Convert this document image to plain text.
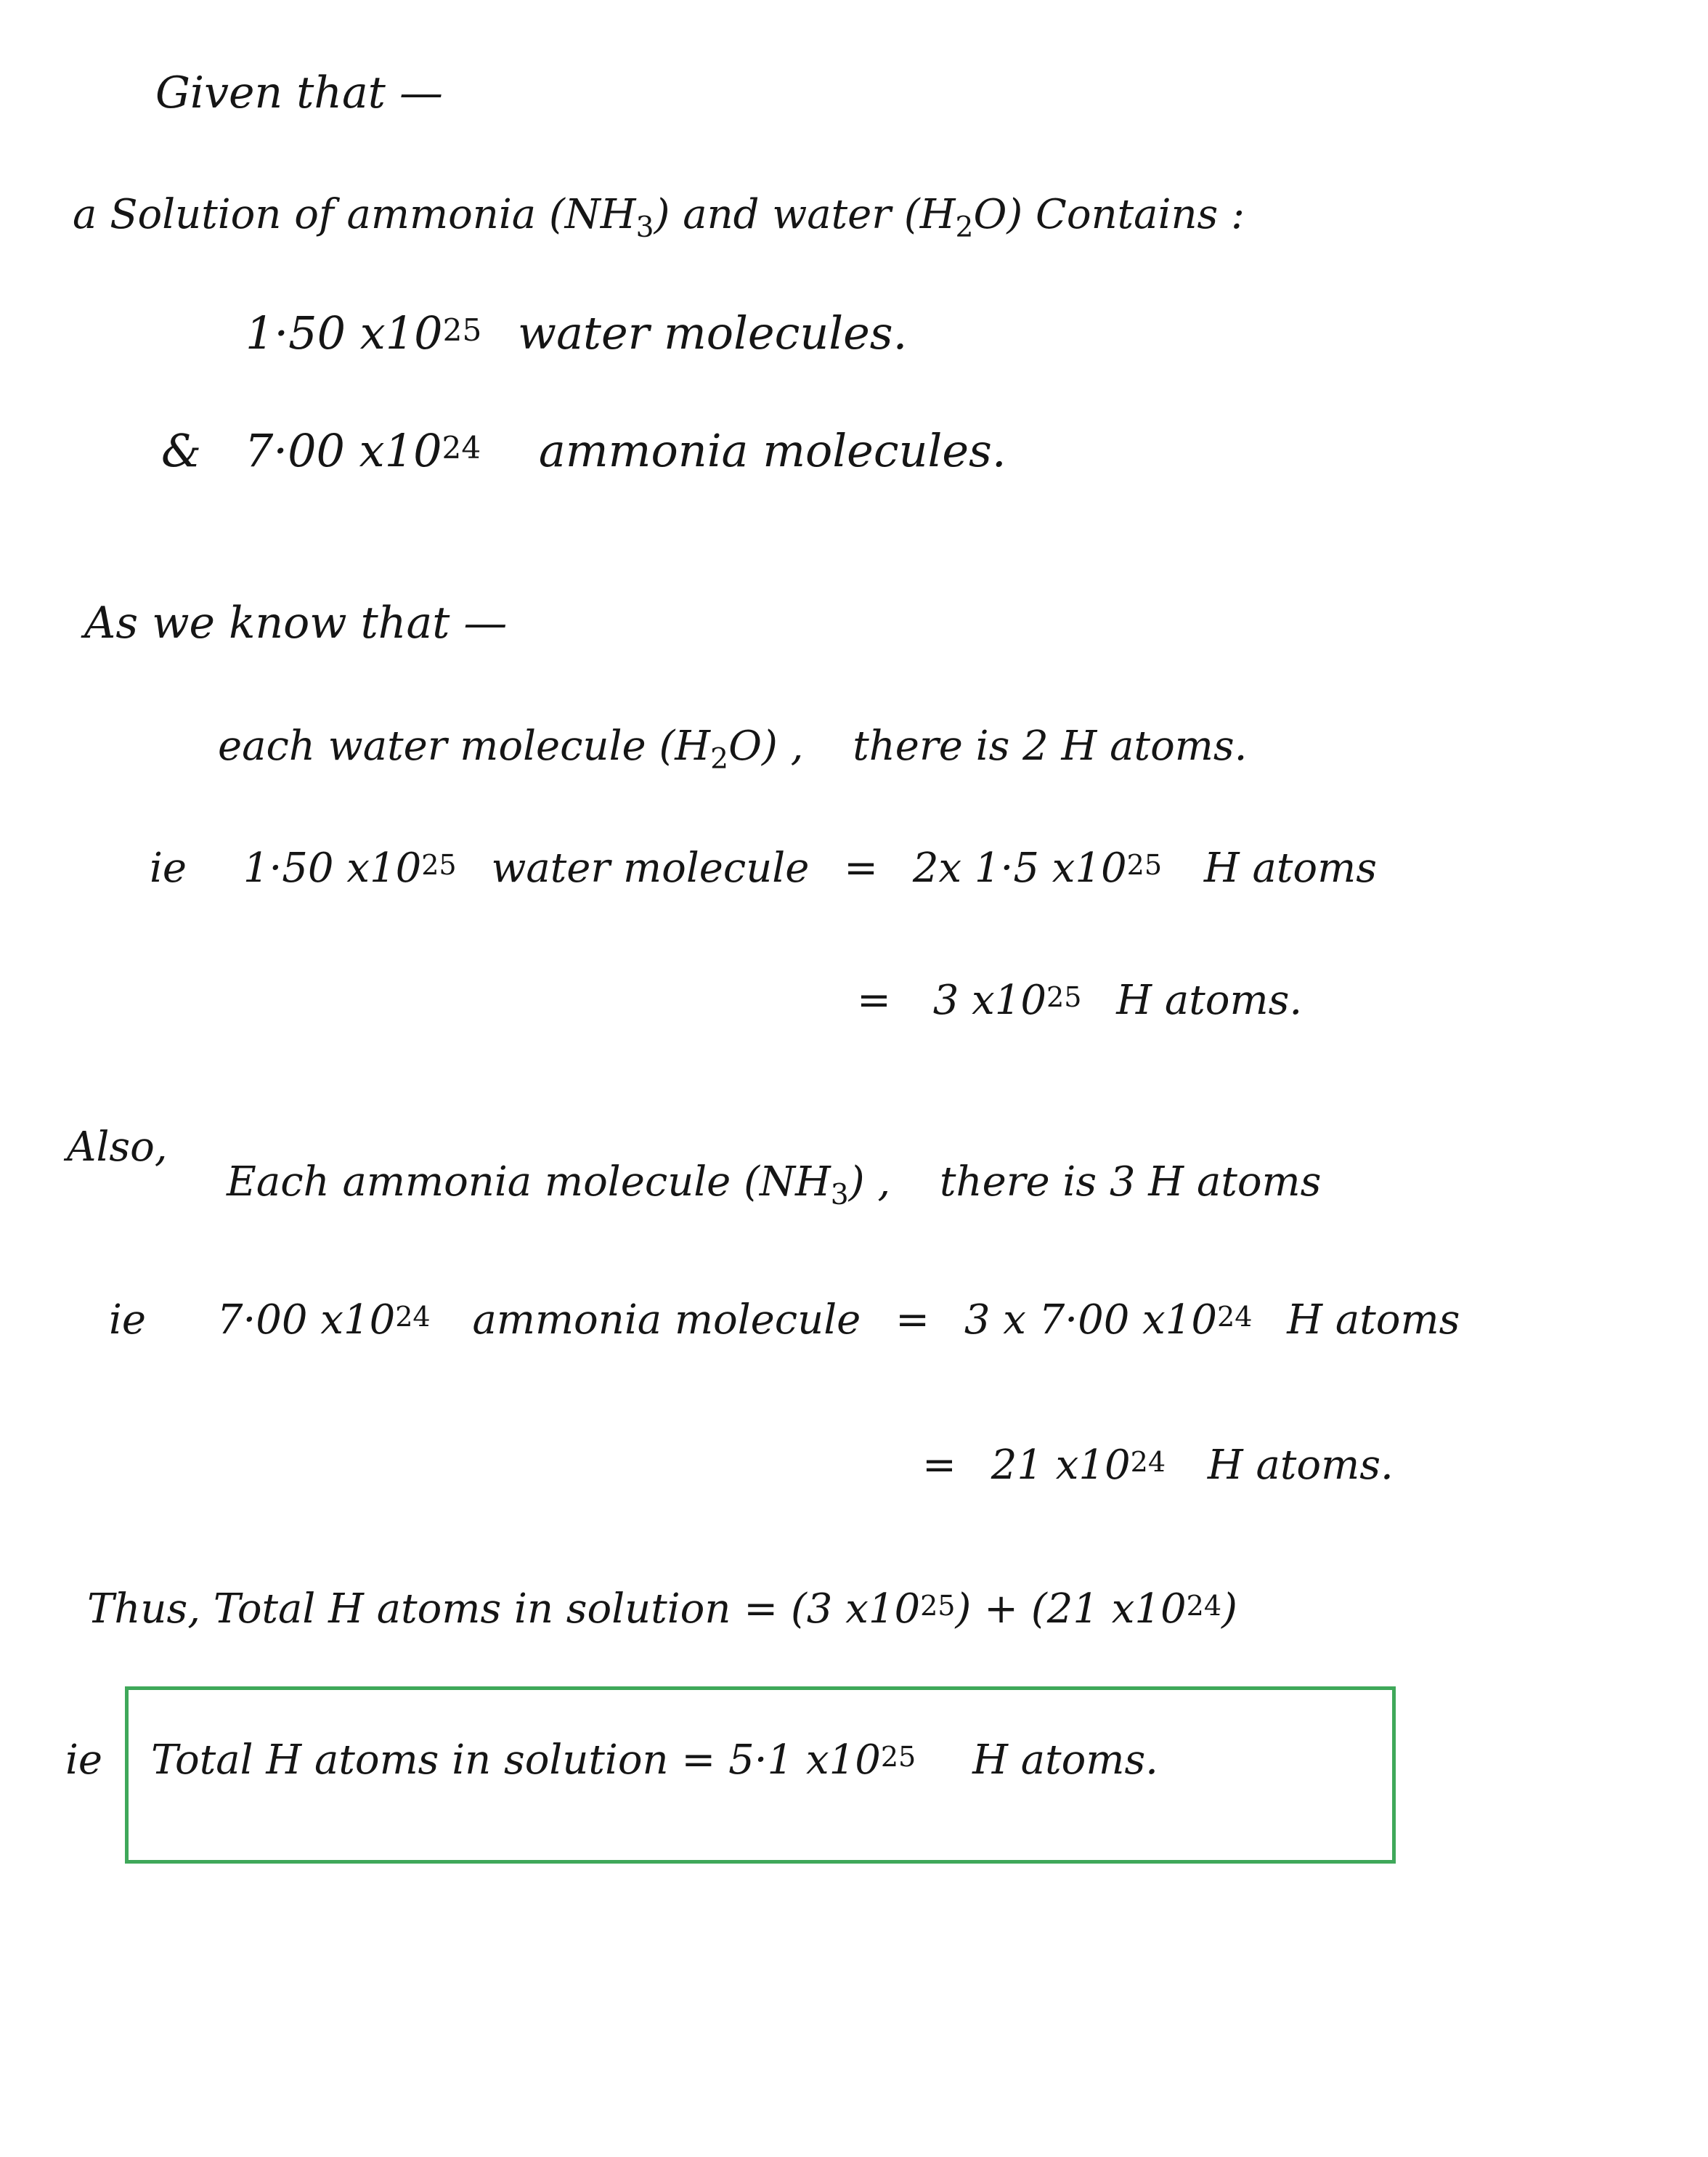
Given that —
a Solution of ammonia $(NH_3)$ and water $(H_2O)$ Contains :
1·50 $x10^{25}$ water molecules.
& 7·00 $x10^{24}$ ammonia molecules.
As we know that —
each water molecule $(H_2O)$ , there is 2 H atoms.
ie 1·50 $x10^{25}$ water molecule = 2x 1·5 $x10^{25}$ H atoms
= 3 $x10^{25}$ H atoms.
Also,
Each ammonia molecule $(NH_3)$ , there is 3 H atoms
ie 7·00 $x10^{24}$ ammonia molecule = 3 x 7·00 $x10^{24}$ H atoms
= 21 $x10^{24}$ H atoms.
Thus, Total H atoms in solution = (3 $x10^{25}) + (21$ $x10^{24}$)
ie Total H atoms in solution = 5·1 $x10^{25}$ H atoms.
